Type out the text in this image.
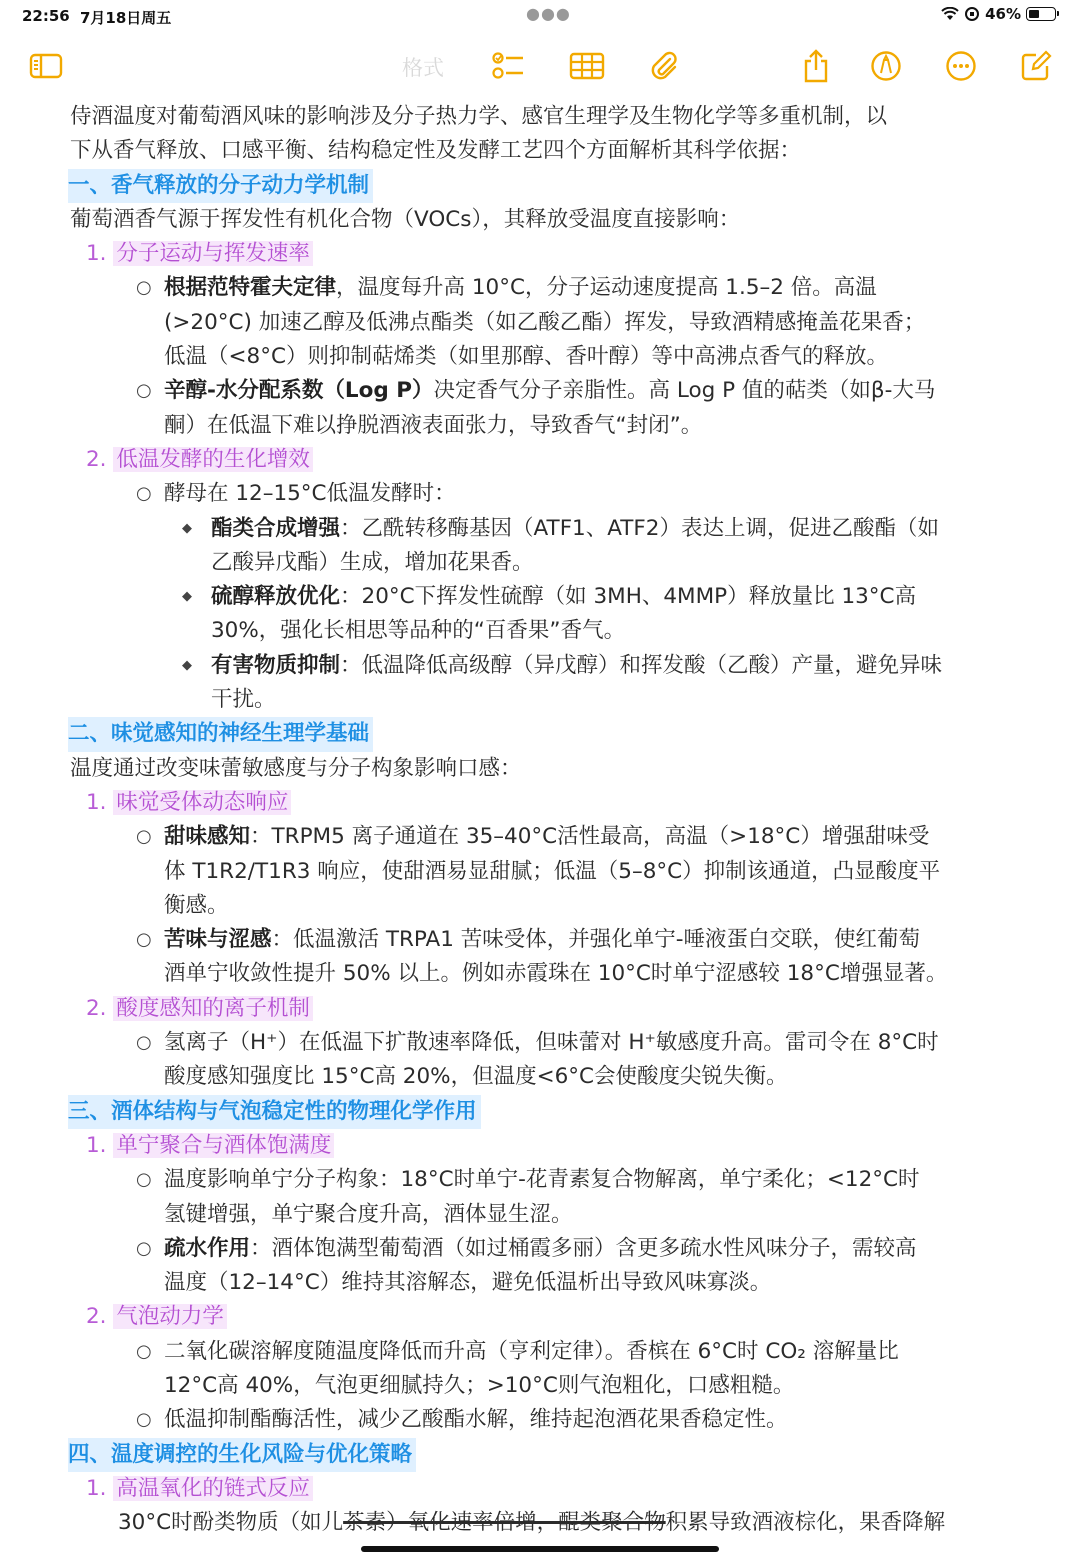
22:56 7月18日周五	●●●	46%
格式

侍酒温度对葡萄酒风味的影响涉及分子热力学、感官生理学及生物化学等多重机制，以

下从香气释放、口感平衡、结构稳定性及发酵工艺四个方面解析其科学依据：

一、香气释放的分子动力学机制

葡萄酒香气源于挥发性有机化合物（VOCs），其释放受温度直接影响：

1. 分子运动与挥发速率

○ 根据范特霍夫定律，温度每升高 10°C，分子运动速度提高 1.5–2 倍。高温

(>20°C) 加速乙醇及低沸点酯类（如乙酸乙酯）挥发，导致酒精感掩盖花果香；

低温（<8°C）则抑制萜烯类（如里那醇、香叶醇）等中高沸点香气的释放。

○ 辛醇-水分配系数（Log P）决定香气分子亲脂性。高 Log P 值的萜类（如β-大马

酮）在低温下难以挣脱酒液表面张力，导致香气“封闭”。

2. 低温发酵的生化增效

○ 酵母在 12–15°C低温发酵时：

◆ 酯类合成增强：乙酰转移酶基因（ATF1、ATF2）表达上调，促进乙酸酯（如

乙酸异戊酯）生成，增加花果香。

◆ 硫醇释放优化：20°C下挥发性硫醇（如 3MH、4MMP）释放量比 13°C高

30%，强化长相思等品种的“百香果”香气。

◆ 有害物质抑制：低温降低高级醇（异戊醇）和挥发酸（乙酸）产量，避免异味

干扰。

二、味觉感知的神经生理学基础

温度通过改变味蕾敏感度与分子构象影响口感：

1. 味觉受体动态响应

○ 甜味感知：TRPM5 离子通道在 35–40°C活性最高，高温（>18°C）增强甜味受

体 T1R2/T1R3 响应，使甜酒易显甜腻；低温（5–8°C）抑制该通道，凸显酸度平

衡感。

○ 苦味与涩感：低温激活 TRPA1 苦味受体，并强化单宁-唾液蛋白交联，使红葡萄

酒单宁收敛性提升 50% 以上。例如赤霞珠在 10°C时单宁涩感较 18°C增强显著。

2. 酸度感知的离子机制

○ 氢离子（H⁺）在低温下扩散速率降低，但味蕾对 H⁺敏感度升高。雷司令在 8°C时

酸度感知强度比 15°C高 20%，但温度<6°C会使酸度尖锐失衡。

三、酒体结构与气泡稳定性的物理化学作用

1. 单宁聚合与酒体饱满度

○ 温度影响单宁分子构象：18°C时单宁-花青素复合物解离，单宁柔化；<12°C时

氢键增强，单宁聚合度升高，酒体显生涩。

○ 疏水作用：酒体饱满型葡萄酒（如过桶霞多丽）含更多疏水性风味分子，需较高

温度（12–14°C）维持其溶解态，避免低温析出导致风味寡淡。

2. 气泡动力学

○ 二氧化碳溶解度随温度降低而升高（亨利定律）。香槟在 6°C时 CO₂ 溶解量比

12°C高 40%，气泡更细腻持久；>10°C则气泡粗化，口感粗糙。

○ 低温抑制酯酶活性，减少乙酸酯水解，维持起泡酒花果香稳定性。

四、温度调控的生化风险与优化策略

1. 高温氧化的链式反应

30°C时酚类物质（如儿茶素）氧化速率倍增，醌类聚合物积累导致酒液棕化，果香降解
